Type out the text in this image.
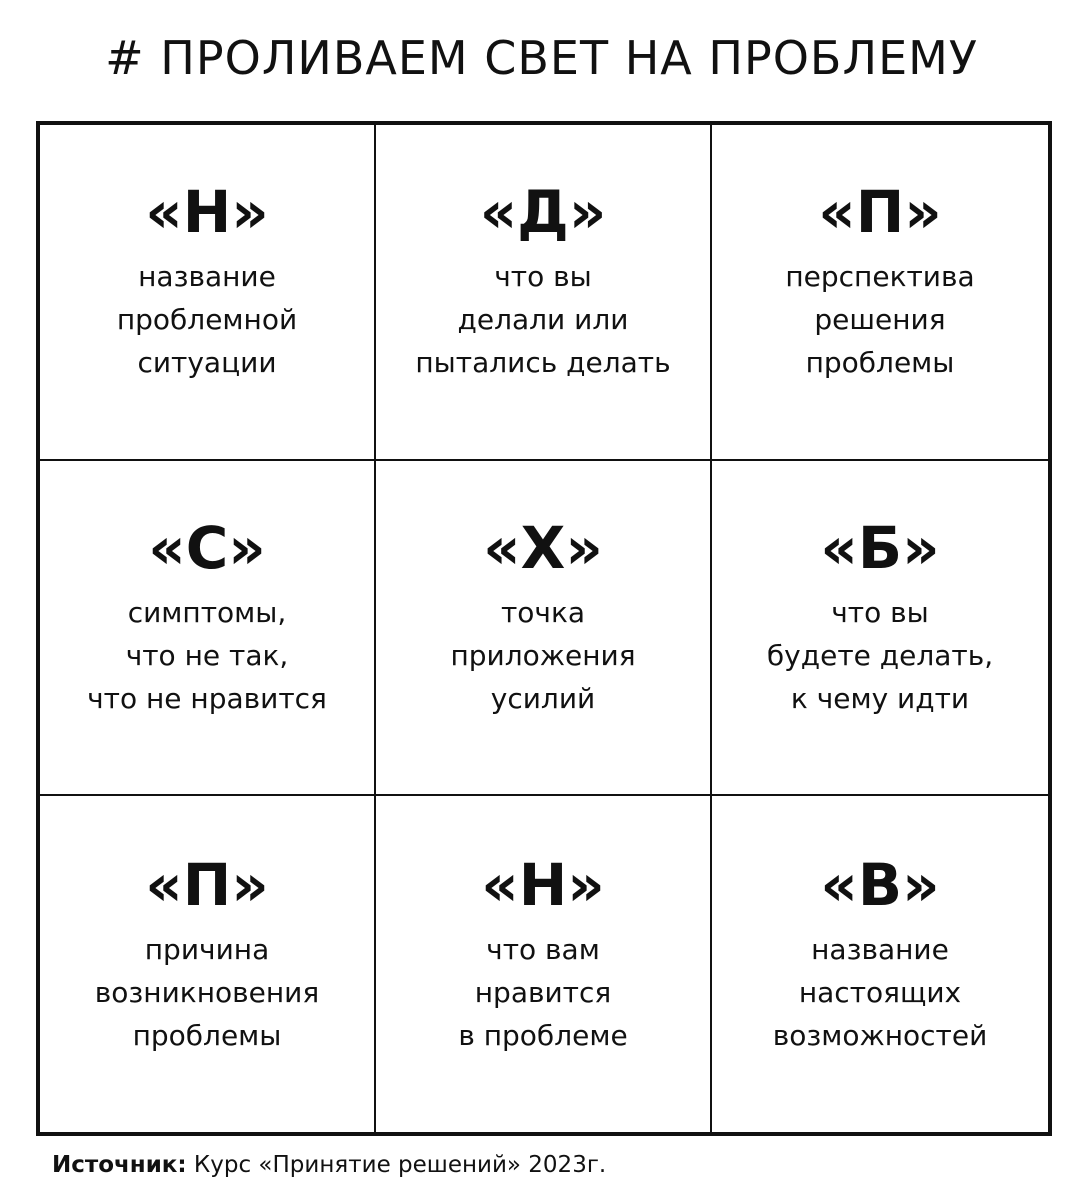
# ПРОЛИВАЕМ СВЕТ НА ПРОБЛЕМУ
«Н»
название
проблемной
ситуации
«Д»
что вы
делали или
пытались делать
«П»
перспектива
решения
проблемы
«С»
симптомы,
что не так,
что не нравится
«Х»
точка
приложения
усилий
«Б»
что вы
будете делать,
к чему идти
«П»
причина
возникновения
проблемы
«Н»
что вам
нравится
в проблеме
«В»
название
настоящих
возможностей
Источник: Курс «Принятие решений» 2023г.
